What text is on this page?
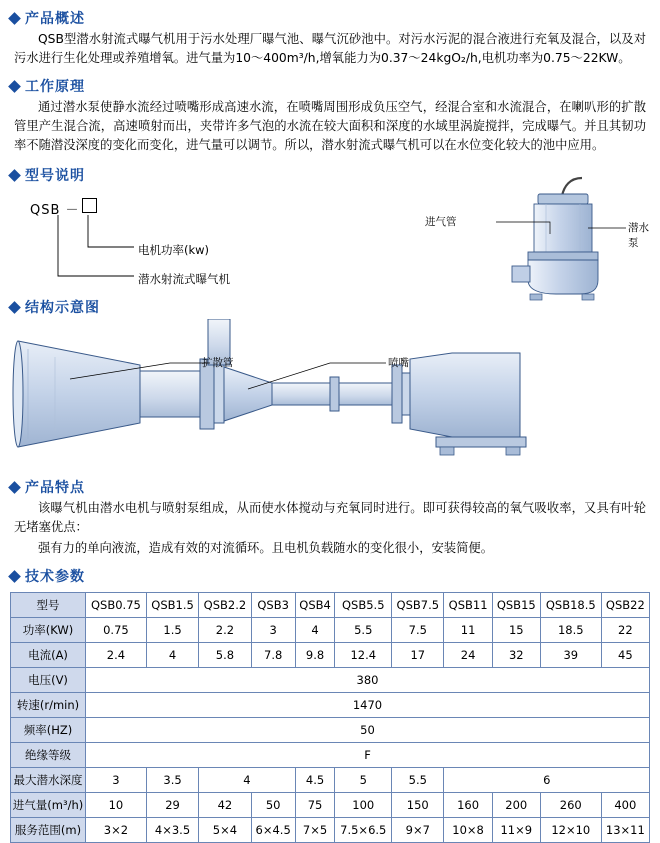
产品概述
QSB型潜水射流式曝气机用于污水处理厂曝气池、曝气沉砂池中。对污水污泥的混合液进行充氧及混合，以及对污水进行生化处理或养殖增氧。进气量为10～400m³/h,增氧能力为0.37～24kgO₂/h,电机功率为0.75～22KW。
工作原理
通过潜水泵使静水流经过喷嘴形成高速水流，在喷嘴周围形成负压空气，经混合室和水流混合，在喇叭形的扩散管里产生混合流，高速喷射而出，夹带许多气泡的水流在较大面积和深度的水域里涡旋搅拌，完成曝气。并且其韧功率不随潜没深度的变化而变化，进气量可以调节。所以，潜水射流式曝气机可以在水位变化较大的池中应用。
型号说明
QSB －
电机功率(kw)
潜水射流式曝气机
结构示意图
扩散管	喷嘴
进气管	潜水泵
产品特点
该曝气机由潜水电机与喷射泵组成，从而使水体搅动与充氧同时进行。即可获得较高的氧气吸收率，又具有叶轮无堵塞优点：
强有力的单向液流，造成有效的对流循环。且电机负载随水的变化很小，安装简便。
技术参数
型号	QSB0.75	QSB1.5	QSB2.2	QSB3	QSB4	QSB5.5	QSB7.5	QSB11	QSB15	QSB18.5	QSB22
功率(KW)	0.75	1.5	2.2	3	4	5.5	7.5	11	15	18.5	22
电流(A)	2.4	4	5.8	7.8	9.8	12.4	17	24	32	39	45
电压(V)	380										
转速(r/min)	1470										
频率(HZ)	50										
绝缘等级	F										
最大潜水深度	3	3.5	4		4.5	5	5.5	6			
进气量(m³/h)	10	29	42	50	75	100	150	160	200	260	400
服务范围(m)	3×2	4×3.5	5×4	6×4.5	7×5	7.5×6.5	9×7	10×8	11×9	12×10	13×11
